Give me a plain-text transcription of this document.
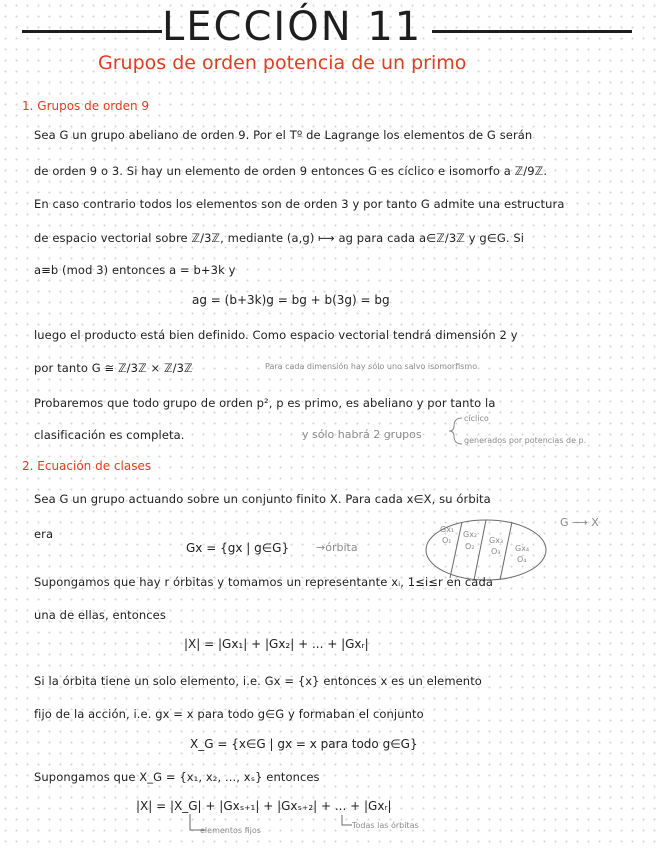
LECCIÓN 11
Grupos de orden potencia de un primo
1. Grupos de orden 9
Sea G un grupo abeliano de orden 9. Por el Tº de Lagrange los elementos de G serán
de orden 9 o 3. Si hay un elemento de orden 9 entonces G es cíclico e isomorfo a ℤ/9ℤ.
En caso contrario todos los elementos son de orden 3 y por tanto G admite una estructura
de espacio vectorial sobre ℤ/3ℤ, mediante (a,g) ⟼ ag para cada a∈ℤ/3ℤ y g∈G. Si
a≡b (mod 3) entonces a = b+3k y
ag = (b+3k)g = bg + b(3g) = bg
luego el producto está bien definido. Como espacio vectorial tendrá dimensión 2 y
por tanto G ≅ ℤ/3ℤ × ℤ/3ℤ	Para cada dimensión hay sólo uno salvo isomorfismo
Probaremos que todo grupo de orden p², p es primo, es abeliano y por tanto la
clasificación es completa.	y sólo habrá 2 grupos
cíclico
generados por potencias de p.
2. Ecuación de clases
Sea G un grupo actuando sobre un conjunto finito X. Para cada x∈X, su órbita
era
Gx = {gx | g∈G} →órbita
Gx₁
O₁
Gx₂
O₂
Gx₃
O₃ Gx₄
O₄
G ⟶ X
Supongamos que hay r órbitas y tomamos un representante xᵢ, 1≤i≤r en cada
una de ellas, entonces
|X| = |Gx₁| + |Gx₂| + ... + |Gxᵣ|
Si la órbita tiene un solo elemento, i.e. Gx = {x} entonces x es un elemento
fijo de la acción, i.e. gx = x para todo g∈G y formaban el conjunto
X_G = {x∈G | gx = x para todo g∈G}
Supongamos que X_G = {x₁, x₂, ..., xₛ} entonces
|X| = |X_G| + |Gxₛ₊₁| + |Gxₛ₊₂| + ... + |Gxᵣ|
elementos fijos
Todas las órbitas
